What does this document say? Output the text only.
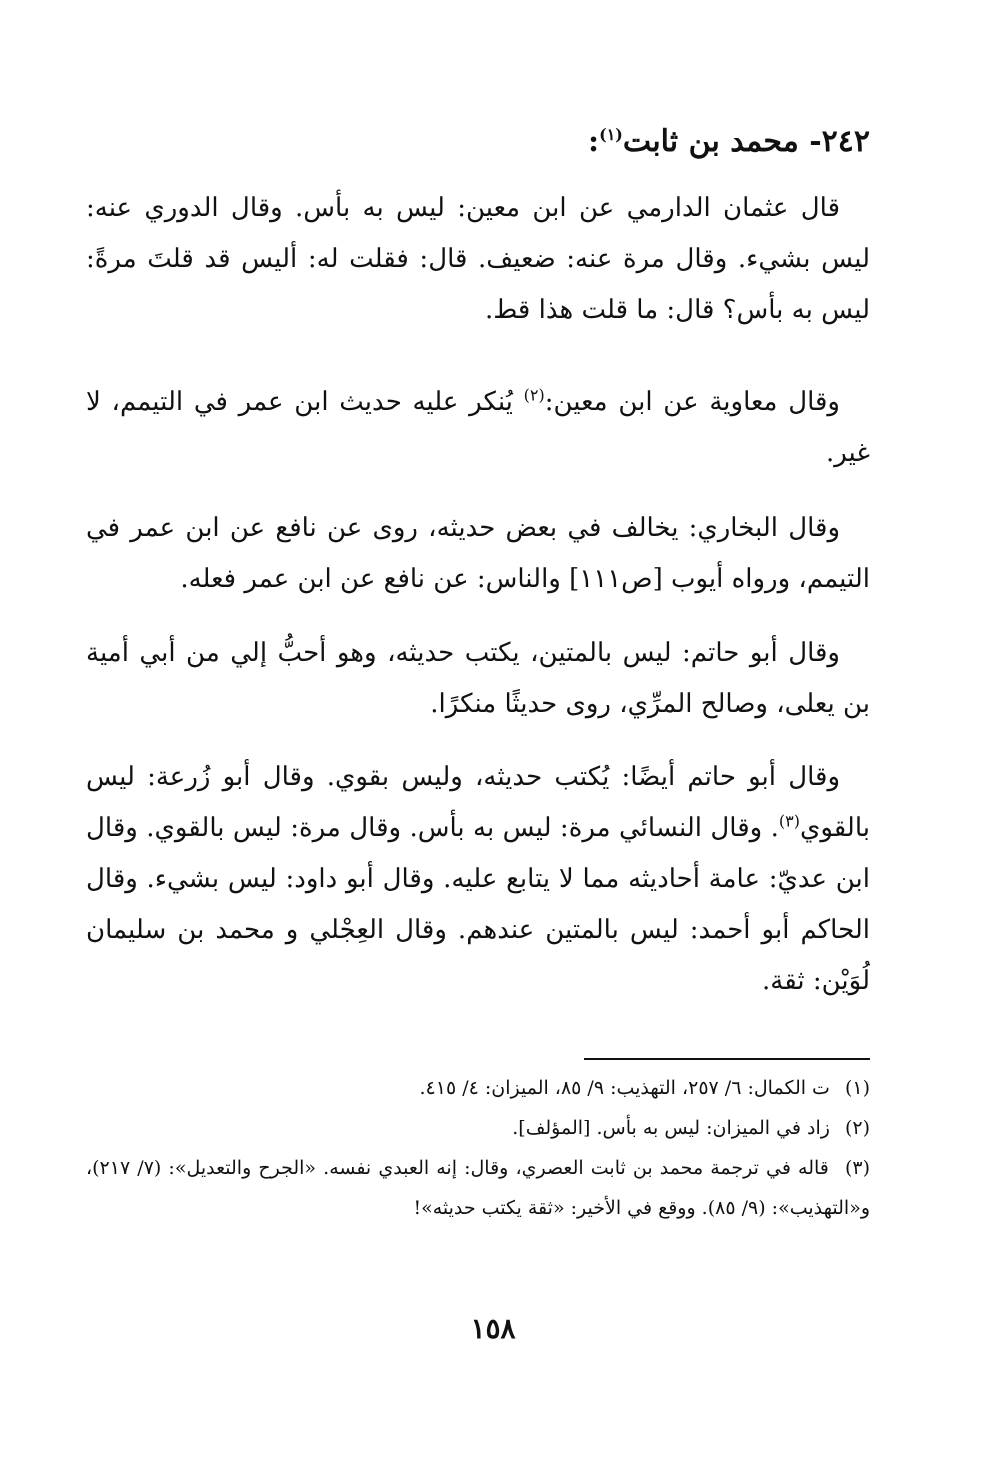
٢٤٢- محمد بن ثابت$^{(١)}$:
قال عثمان الدارمي عن ابن معين: ليس به بأس. وقال الدوري عنه: ليس بشيء. وقال مرة عنه: ضعيف. قال: فقلت له: أليس قد قلتَ مرةً: ليس به بأس؟ قال: ما قلت هذا قط.
وقال معاوية عن ابن معين:$^{(٢)}$ يُنكر عليه حديث ابن عمر في التيمم، لا غير.
وقال البخاري: يخالف في بعض حديثه، روى عن نافع عن ابن عمر في التيمم، ورواه أيوب [ص١١١] والناس: عن نافع عن ابن عمر فعله.
وقال أبو حاتم: ليس بالمتين، يكتب حديثه، وهو أحبُّ إلي من أبي أمية بن يعلى، وصالح المرِّي، روى حديثًا منكرًا.
وقال أبو حاتم أيضًا: يُكتب حديثه، وليس بقوي. وقال أبو زُرعة: ليس بالقوي$^{(٣)}$. وقال النسائي مرة: ليس به بأس. وقال مرة: ليس بالقوي. وقال ابن عديّ: عامة أحاديثه مما لا يتابع عليه. وقال أبو داود: ليس بشيء. وقال الحاكم أبو أحمد: ليس بالمتين عندهم. وقال العِجْلي و محمد بن سليمان لُوَيْن: ثقة.

(١) ت الكمال: ٦/ ٢٥٧، التهذيب: ٩/ ٨٥، الميزان: ٤/ ٤١٥.

(٢) زاد في الميزان: ليس به بأس. [المؤلف].

(٣) قاله في ترجمة محمد بن ثابت العصري، وقال: إنه العبدي نفسه. «الجرح والتعديل»: (٧/ ٢١٧)، و«التهذيب»: (٩/ ٨٥). ووقع في الأخير: «ثقة يكتب حديثه»!

١٥٨
